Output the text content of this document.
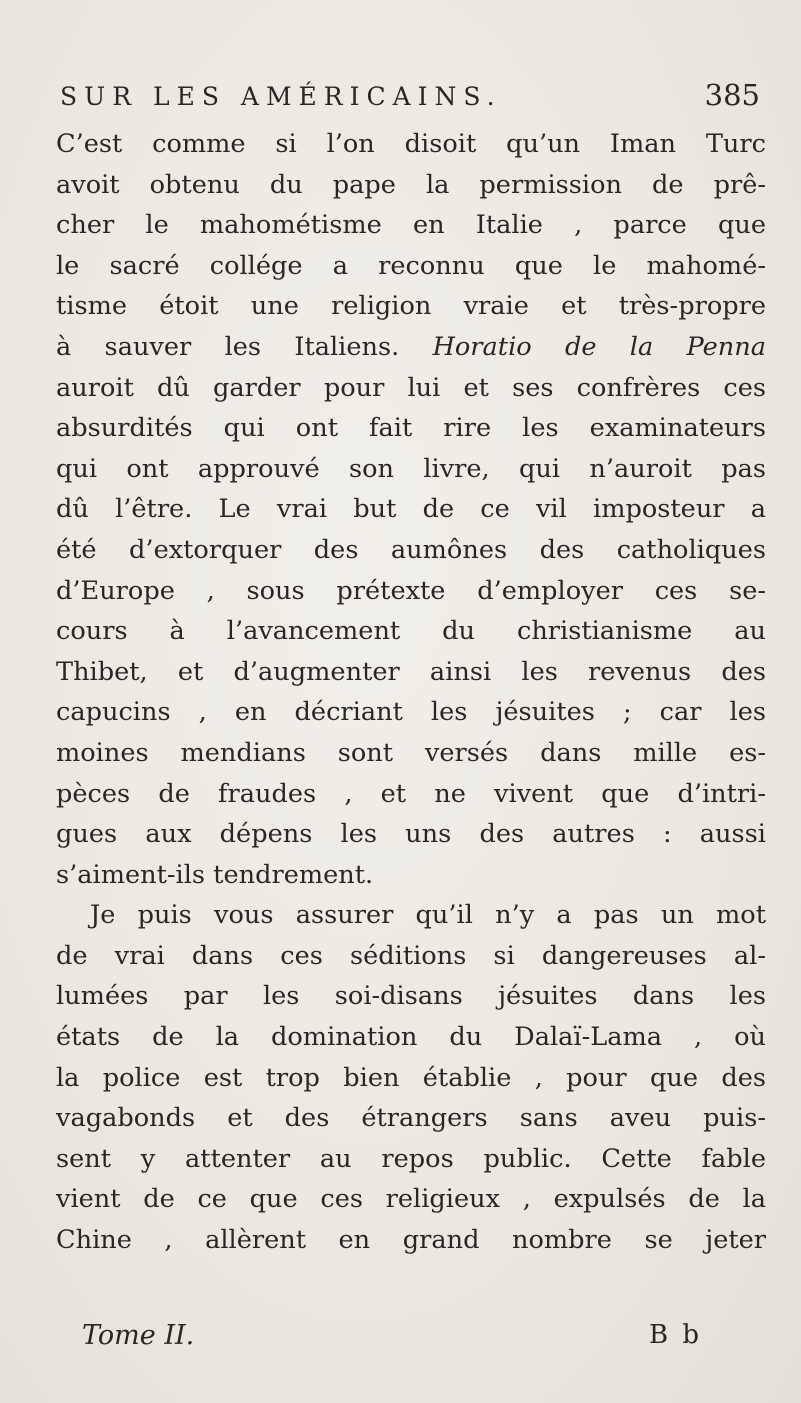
SUR LES AMÉRICAINS.	385
C’est comme si l’on disoit qu’un Iman Turc
avoit obtenu du pape la permission de prê-
cher le mahométisme en Italie , parce que
le sacré collége a reconnu que le mahomé-
tisme étoit une religion vraie et très-propre
à sauver les Italiens. Horatio de la Penna
auroit dû garder pour lui et ses confrères ces
absurdités qui ont fait rire les examinateurs
qui ont approuvé son livre, qui n’auroit pas
dû l’être. Le vrai but de ce vil imposteur a
été d’extorquer des aumônes des catholiques
d’Europe , sous prétexte d’employer ces se-
cours à l’avancement du christianisme au
Thibet, et d’augmenter ainsi les revenus des
capucins , en décriant les jésuites ; car les
moines mendians sont versés dans mille es-
pèces de fraudes , et ne vivent que d’intri-
gues aux dépens les uns des autres : aussi
s’aiment-ils tendrement.
Je puis vous assurer qu’il n’y a pas un mot
de vrai dans ces séditions si dangereuses al-
lumées par les soi-disans jésuites dans les
états de la domination du Dalaï-Lama , où
la police est trop bien établie , pour que des
vagabonds et des étrangers sans aveu puis-
sent y attenter au repos public. Cette fable
vient de ce que ces religieux , expulsés de la
Chine , allèrent en grand nombre se jeter
Tome II.	B b
